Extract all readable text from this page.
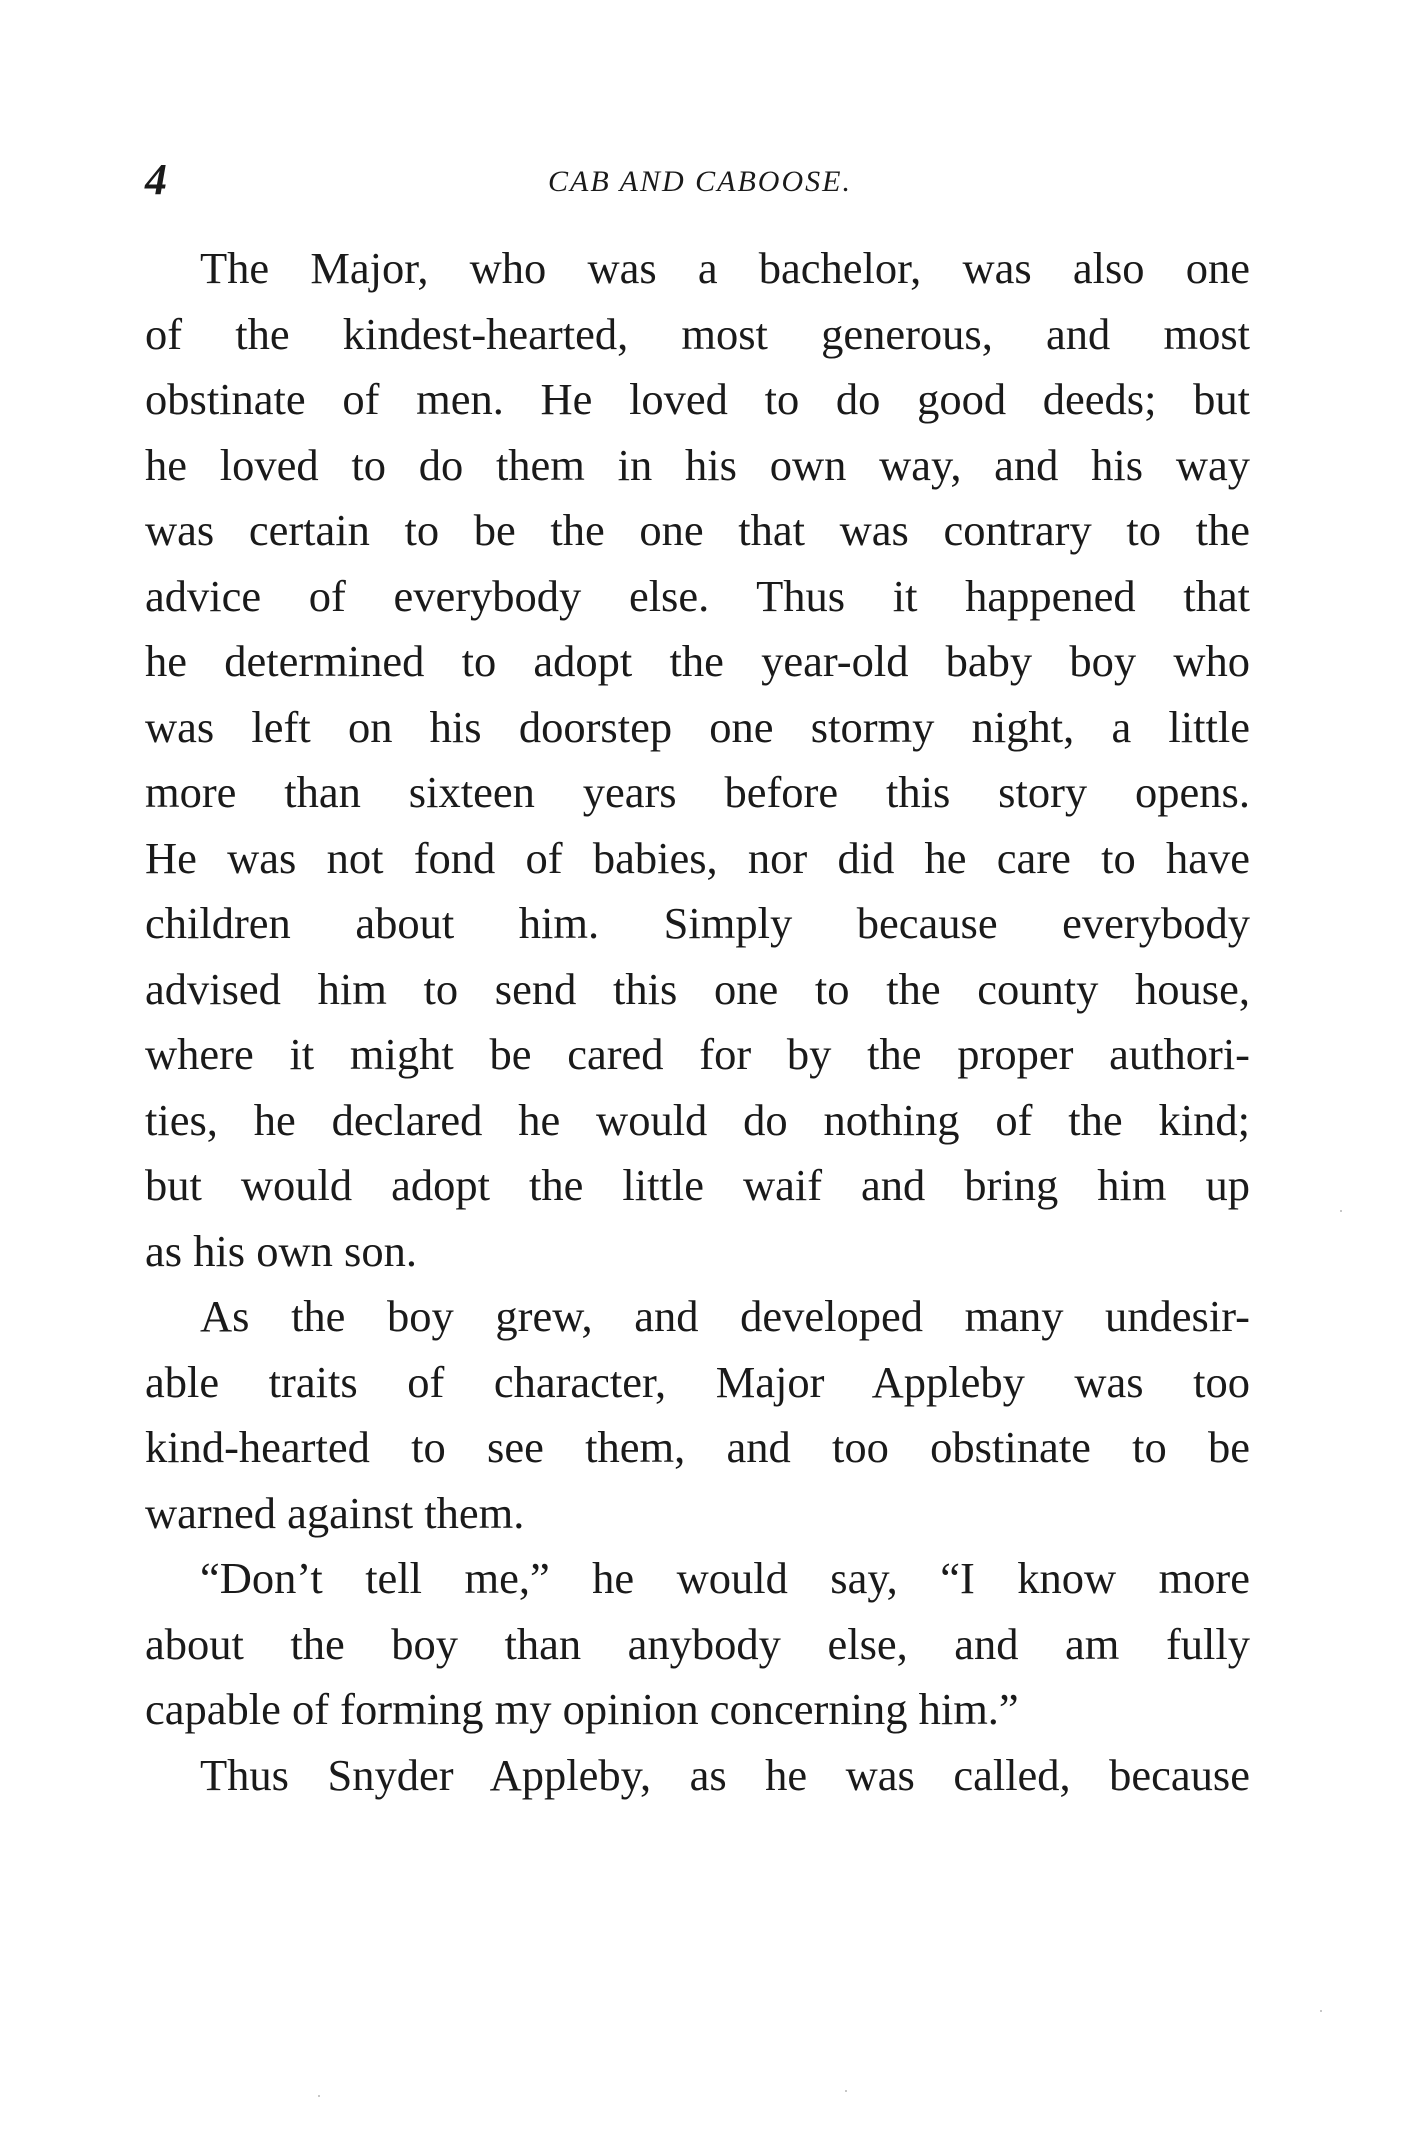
4	CAB AND CABOOSE.
The Major, who was a bachelor, was also one
of the kindest-hearted, most generous, and most
obstinate of men. He loved to do good deeds; but
he loved to do them in his own way, and his way
was certain to be the one that was contrary to the
advice of everybody else. Thus it happened that
he determined to adopt the year-old baby boy who
was left on his doorstep one stormy night, a little
more than sixteen years before this story opens.
He was not fond of babies, nor did he care to have
children about him. Simply because everybody
advised him to send this one to the county house,
where it might be cared for by the proper authori-
ties, he declared he would do nothing of the kind;
but would adopt the little waif and bring him up
as his own son.
As the boy grew, and developed many undesir-
able traits of character, Major Appleby was too
kind-hearted to see them, and too obstinate to be
warned against them.
“Don’t tell me,” he would say, “I know more
about the boy than anybody else, and am fully
capable of forming my opinion concerning him.”
Thus Snyder Appleby, as he was called, because
